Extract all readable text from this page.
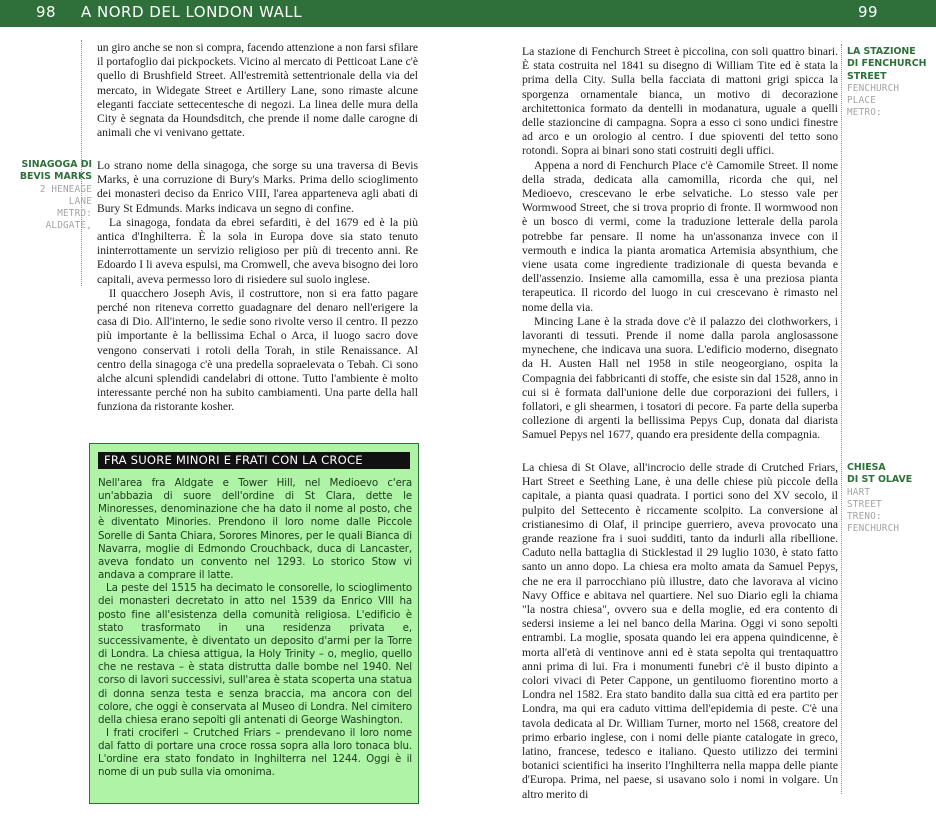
98 A NORD DEL LONDON WALL	99

un giro anche se non si compra, facendo attenzione a non farsi sfilare il portafoglio dai pickpockets. Vicino al mercato di Petticoat Lane c'è quello di Brushfield Street. All'estremità settentrionale della via del mercato, in Widegate Street e Artillery Lane, sono rimaste alcune eleganti facciate settecentesche di negozi. La linea delle mura della City è segnata da Houndsditch, che prende il nome dalle carogne di animali che vi venivano gettate.

SINAGOGA DI
BEVIS MARKS
2 HENEAGE
LANE
METRO:
ALDGATE,

Lo strano nome della sinagoga, che sorge su una traversa di Bevis Marks, è una corruzione di Bury's Marks. Prima dello scioglimento dei monasteri deciso da Enrico VIII, l'area apparteneva agli abati di Bury St Edmunds. Marks indicava un segno di confine.

La sinagoga, fondata da ebrei sefarditi, è del 1679 ed è la più antica d'Inghilterra. È la sola in Europa dove sia stato tenuto ininterrottamente un servizio religioso per più di trecento anni. Re Edoardo I li aveva espulsi, ma Cromwell, che aveva bisogno dei loro capitali, aveva permesso loro di risiedere sul suolo inglese.

Il quacchero Joseph Avis, il costruttore, non si era fatto pagare perché non riteneva corretto guadagnare del denaro nell'erigere la casa di Dio. All'interno, le sedie sono rivolte verso il centro. Il pezzo più importante è la bellissima Echal o Arca, il luogo sacro dove vengono conservati i rotoli della Torah, in stile Renaissance. Al centro della sinagoga c'è una predella sopraelevata o Tebah. Ci sono alche alcuni splendidi candelabri di ottone. Tutto l'ambiente è molto interessante perché non ha subito cambiamenti. Una parte della hall funziona da ristorante kosher.

FRA SUORE MINORI E FRATI CON LA CROCE

Nell'area fra Aldgate e Tower Hill, nel Medioevo c'era un'abbazia di suore dell'ordine di St Clara, dette le Minoresses, denominazione che ha dato il nome al posto, che è diventato Minories. Prendono il loro nome dalle Piccole Sorelle di Santa Chiara, Sorores Minores, per le quali Bianca di Navarra, moglie di Edmondo Crouchback, duca di Lancaster, aveva fondato un convento nel 1293. Lo storico Stow vi andava a comprare il latte.

La peste del 1515 ha decimato le consorelle, lo scioglimento dei monasteri decretato in atto nel 1539 da Enrico VIII ha posto fine all'esistenza della comunità religiosa. L'edificio è stato trasformato in una residenza privata e, successivamente, è diventato un deposito d'armi per la Torre di Londra. La chiesa attigua, la Holy Trinity – o, meglio, quello che ne restava – è stata distrutta dalle bombe nel 1940. Nel corso di lavori successivi, sull'area è stata scoperta una statua di donna senza testa e senza braccia, ma ancora con del colore, che oggi è conservata al Museo di Londra. Nel cimitero della chiesa erano sepolti gli antenati di George Washington.

I frati crociferi – Crutched Friars – prendevano il loro nome dal fatto di portare una croce rossa sopra alla loro tonaca blu. L'ordine era stato fondato in Inghilterra nel 1244. Oggi è il nome di un pub sulla via omonima.

La stazione di Fenchurch Street è piccolina, con soli quattro binari. È stata costruita nel 1841 su disegno di William Tite ed è stata la prima della City. Sulla bella facciata di mattoni grigi spicca la sporgenza ornamentale bianca, un motivo di decorazione architettonica formato da dentelli in modanatura, uguale a quelli delle stazioncine di campagna. Sopra a esso ci sono undici finestre ad arco e un orologio al centro. I due spioventi del tetto sono rotondi. Sopra ai binari sono stati costruiti degli uffici.

Appena a nord di Fenchurch Place c'è Camomile Street. Il nome della strada, dedicata alla camomilla, ricorda che qui, nel Medioevo, crescevano le erbe selvatiche. Lo stesso vale per Wormwood Street, che si trova proprio di fronte. Il wormwood non è un bosco di vermi, come la traduzione letterale della parola potrebbe far pensare. Il nome ha un'assonanza invece con il vermouth e indica la pianta aromatica Artemisia absynthium, che viene usata come ingrediente tradizionale di questa bevanda e dell'assenzio. Insieme alla camomilla, essa è una preziosa pianta terapeutica. Il ricordo del luogo in cui crescevano è rimasto nel nome della via.

Mincing Lane è la strada dove c'è il palazzo dei clothworkers, i lavoranti di tessuti. Prende il nome dalla parola anglosassone mynechene, che indicava una suora. L'edificio moderno, disegnato da H. Austen Hall nel 1958 in stile neogeorgiano, ospita la Compagnia dei fabbricanti di stoffe, che esiste sin dal 1528, anno in cui si è formata dall'unione delle due corporazioni dei fullers, i follatori, e gli shearmen, i tosatori di pecore. Fa parte della superba collezione di argenti la bellissima Pepys Cup, donata dal diarista Samuel Pepys nel 1677, quando era presidente della compagnia.

LA STAZIONE
DI FENCHURCH
STREET
FENCHURCH
PLACE
METRO:

La chiesa di St Olave, all'incrocio delle strade di Crutched Friars, Hart Street e Seething Lane, è una delle chiese più piccole della capitale, a pianta quasi quadrata. I portici sono del XV secolo, il pulpito del Settecento è riccamente scolpito. La conversione al cristianesimo di Olaf, il principe guerriero, aveva provocato una grande reazione fra i suoi sudditi, tanto da indurli alla ribellione. Caduto nella battaglia di Sticklestad il 29 luglio 1030, è stato fatto santo un anno dopo. La chiesa era molto amata da Samuel Pepys, che ne era il parrocchiano più illustre, dato che lavorava al vicino Navy Office e abitava nel quartiere. Nel suo Diario egli la chiama "la nostra chiesa", ovvero sua e della moglie, ed era contento di sedersi insieme a lei nel banco della Marina. Oggi vi sono sepolti entrambi. La moglie, sposata quando lei era appena quindicenne, è morta all'età di ventinove anni ed è stata sepolta qui trentaquattro anni prima di lui. Fra i monumenti funebri c'è il busto dipinto a colori vivaci di Peter Cappone, un gentiluomo fiorentino morto a Londra nel 1582. Era stato bandito dalla sua città ed era partito per Londra, ma qui era caduto vittima dell'epidemia di peste. C'è una tavola dedicata al Dr. William Turner, morto nel 1568, creatore del primo erbario inglese, con i nomi delle piante catalogate in greco, latino, francese, tedesco e italiano. Questo utilizzo dei termini botanici scientifici ha inserito l'Inghilterra nella mappa delle piante d'Europa. Prima, nel paese, si usavano solo i nomi in volgare. Un altro merito di

CHIESA
DI ST OLAVE
HART
STREET
TRENO:
FENCHURCH
